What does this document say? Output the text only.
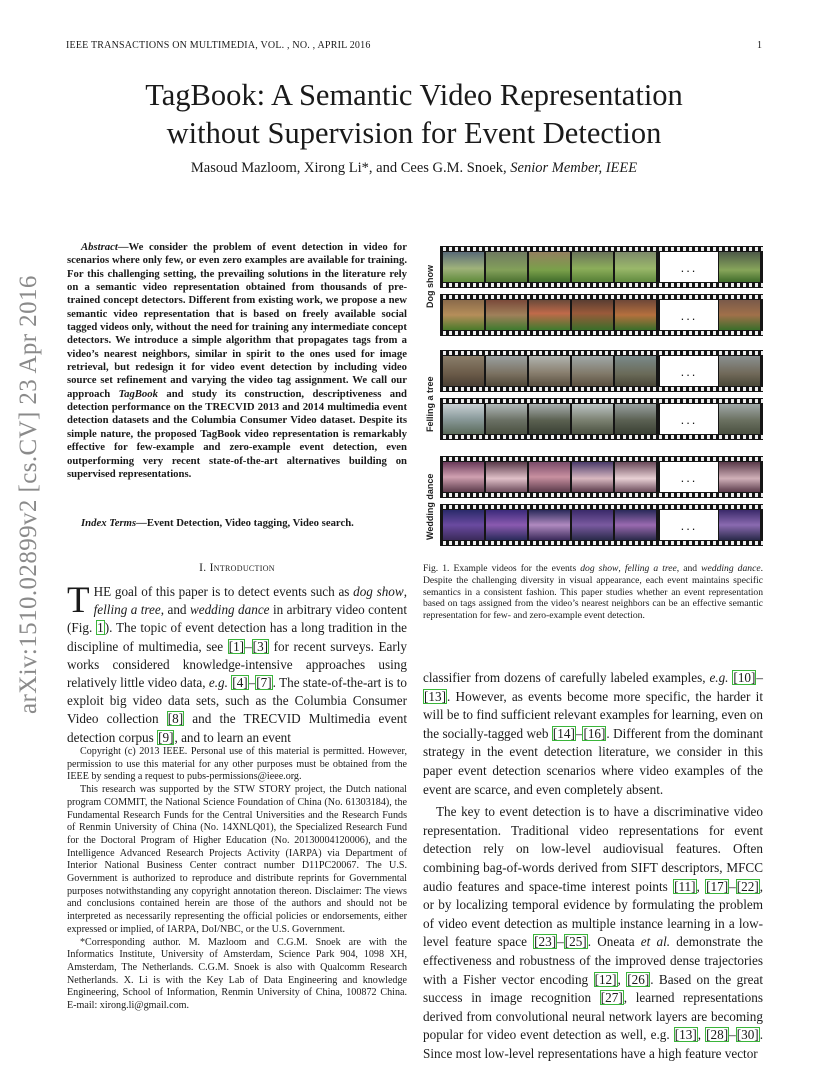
IEEE TRANSACTIONS ON MULTIMEDIA, VOL. , NO. , APRIL 2016	1
TagBook: A Semantic Video Representation
without Supervision for Event Detection
Masoud Mazloom, Xirong Li*, and Cees G.M. Snoek, Senior Member, IEEE
arXiv:1510.02899v2 [cs.CV] 23 Apr 2016
Abstract—We consider the problem of event detection in video for scenarios where only few, or even zero examples are available for training. For this challenging setting, the prevailing solutions in the literature rely on a semantic video representation obtained from thousands of pre-trained concept detectors. Different from existing work, we propose a new semantic video representation that is based on freely available social tagged videos only, without the need for training any intermediate concept detectors. We introduce a simple algorithm that propagates tags from a video’s nearest neighbors, similar in spirit to the ones used for image retrieval, but redesign it for video event detection by including video source set refinement and varying the video tag assignment. We call our approach TagBook and study its construction, descriptiveness and detection performance on the TRECVID 2013 and 2014 multimedia event detection datasets and the Columbia Consumer Video dataset. Despite its simple nature, the proposed TagBook video representation is remarkably effective for few-example and zero-example event detection, even outperforming very recent state-of-the-art alternatives building on supervised representations.
Index Terms—Event Detection, Video tagging, Video search.
I. Introduction
THE goal of this paper is to detect events such as dog show, felling a tree, and wedding dance in arbitrary video content (Fig. 1). The topic of event detection has a long tradition in the discipline of multimedia, see [1]–[3] for recent surveys. Early works considered knowledge-intensive approaches using relatively little video data, e.g. [4]–[7]. The state-of-the-art is to exploit big video data sets, such as the Columbia Consumer Video collection [8] and the TRECVID Multimedia event detection corpus [9], and to learn an event

Copyright (c) 2013 IEEE. Personal use of this material is permitted. However, permission to use this material for any other purposes must be obtained from the IEEE by sending a request to pubs-permissions@ieee.org.

This research was supported by the STW STORY project, the Dutch national program COMMIT, the National Science Foundation of China (No. 61303184), the Fundamental Research Funds for the Central Universities and the Research Funds of Renmin University of China (No. 14XNLQ01), the Specialized Research Fund for the Doctoral Program of Higher Education (No. 20130004120006), and the Intelligence Advanced Research Projects Activity (IARPA) via Department of Interior National Business Center contract number D11PC20067. The U.S. Government is authorized to reproduce and distribute reprints for Governmental purposes notwithstanding any copyright annotation thereon. Disclaimer: The views and conclusions contained herein are those of the authors and should not be interpreted as necessarily representing the official policies or endorsements, either expressed or implied, of IARPA, DoI/NBC, or the U.S. Government.

*Corresponding author. M. Mazloom and C.G.M. Snoek are with the Informatics Institute, University of Amsterdam, Science Park 904, 1098 XH, Amsterdam, The Netherlands. C.G.M. Snoek is also with Qualcomm Research Netherlands. X. Li is with the Key Lab of Data Engineering and knowledge Engineering, School of Information, Renmin University of China, 100872 China. E-mail: xirong.li@gmail.com.

Dog show
Felling a tree
Wedding dance
...
...
...
...
...
...
Fig. 1. Example videos for the events dog show, felling a tree, and wedding dance. Despite the challenging diversity in visual appearance, each event maintains specific semantics in a consistent fashion. This paper studies whether an event representation based on tags assigned from the video’s nearest neighbors can be an effective semantic representation for few- and zero-example event detection.

classifier from dozens of carefully labeled examples, e.g. [10]–[13]. However, as events become more specific, the harder it will be to find sufficient relevant examples for learning, even on the socially-tagged web [14]–[16]. Different from the dominant strategy in the event detection literature, we consider in this paper event detection scenarios where video examples of the event are scarce, and even completely absent.

The key to event detection is to have a discriminative video representation. Traditional video representations for event detection rely on low-level audiovisual features. Often combining bag-of-words derived from SIFT descriptors, MFCC audio features and space-time interest points [11], [17]–[22], or by localizing temporal evidence by formulating the problem of video event detection as multiple instance learning in a low-level feature space [23]–[25]. Oneata et al. demonstrate the effectiveness and robustness of the improved dense trajectories with a Fisher vector encoding [12], [26]. Based on the great success in image recognition [27], learned representations derived from convolutional neural network layers are becoming popular for video event detection as well, e.g. [13], [28]–[30]. Since most low-level representations have a high feature vector
